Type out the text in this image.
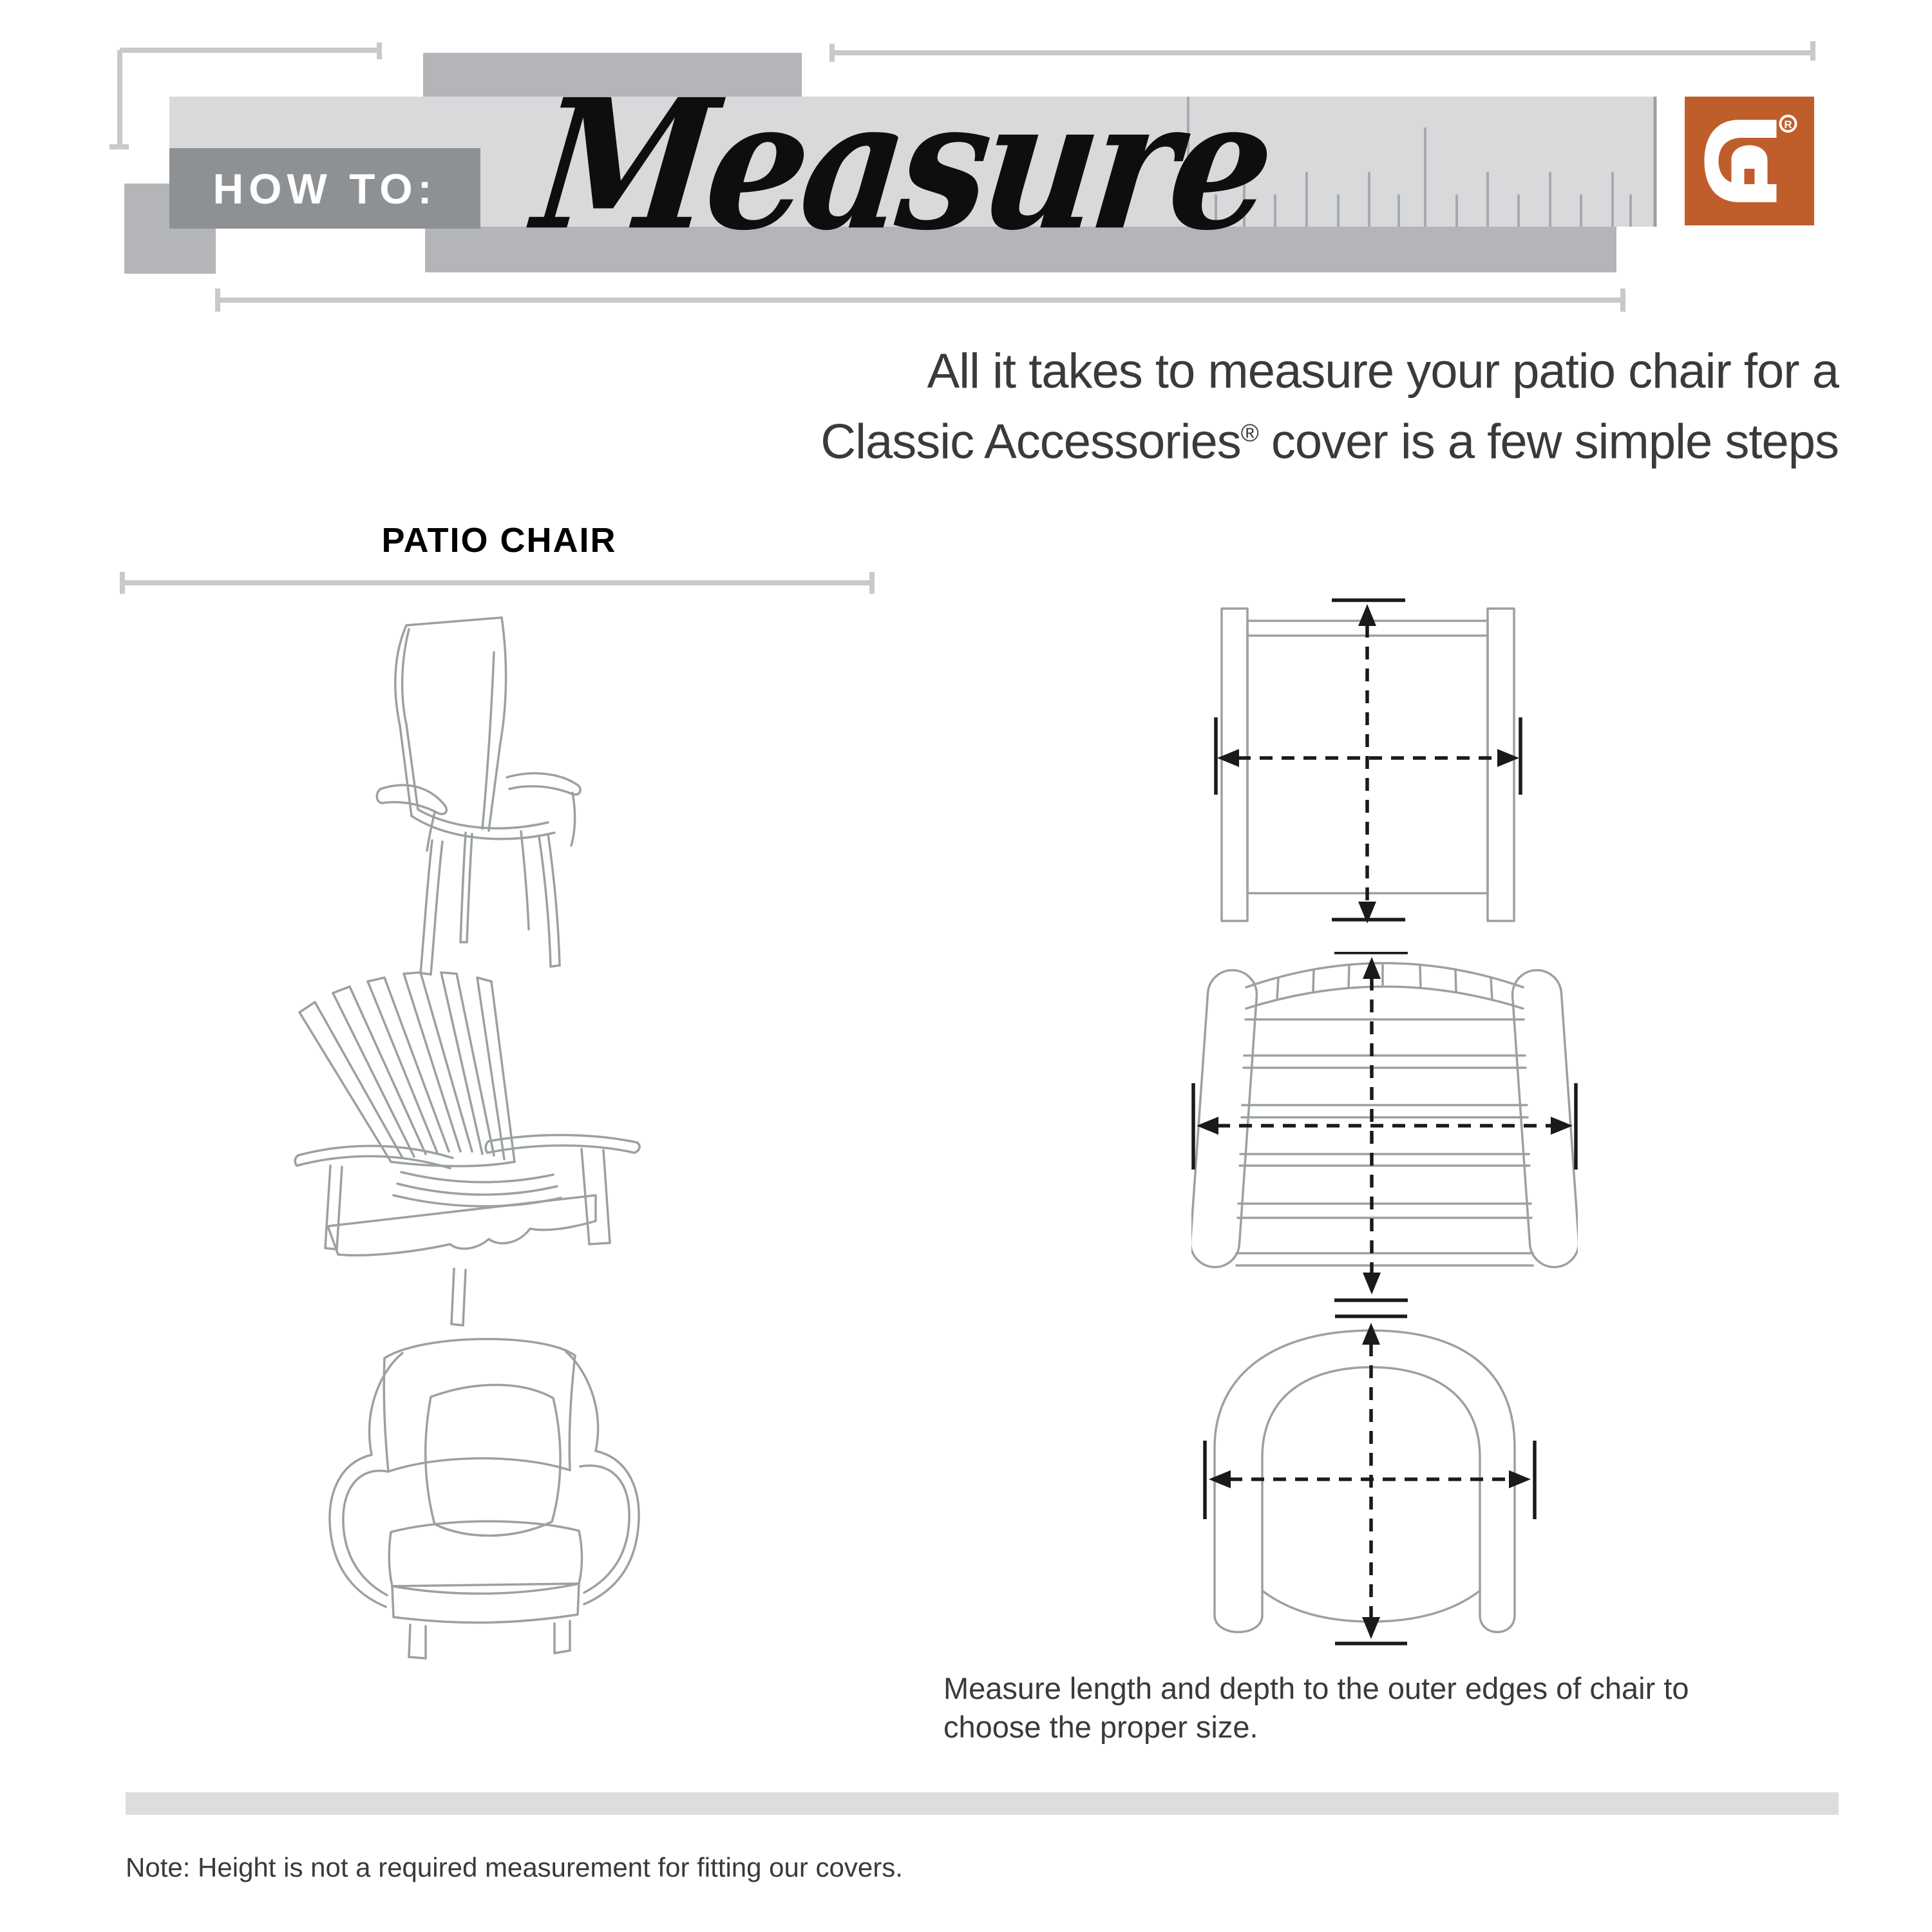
HOW TO: Measure	R
All it takes to measure your patio chair for a
Classic Accessories® cover is a few simple steps
PATIO CHAIR
Measure length and depth to the outer edges of chair to
choose the proper size.
Note: Height is not a required measurement for fitting our covers.
